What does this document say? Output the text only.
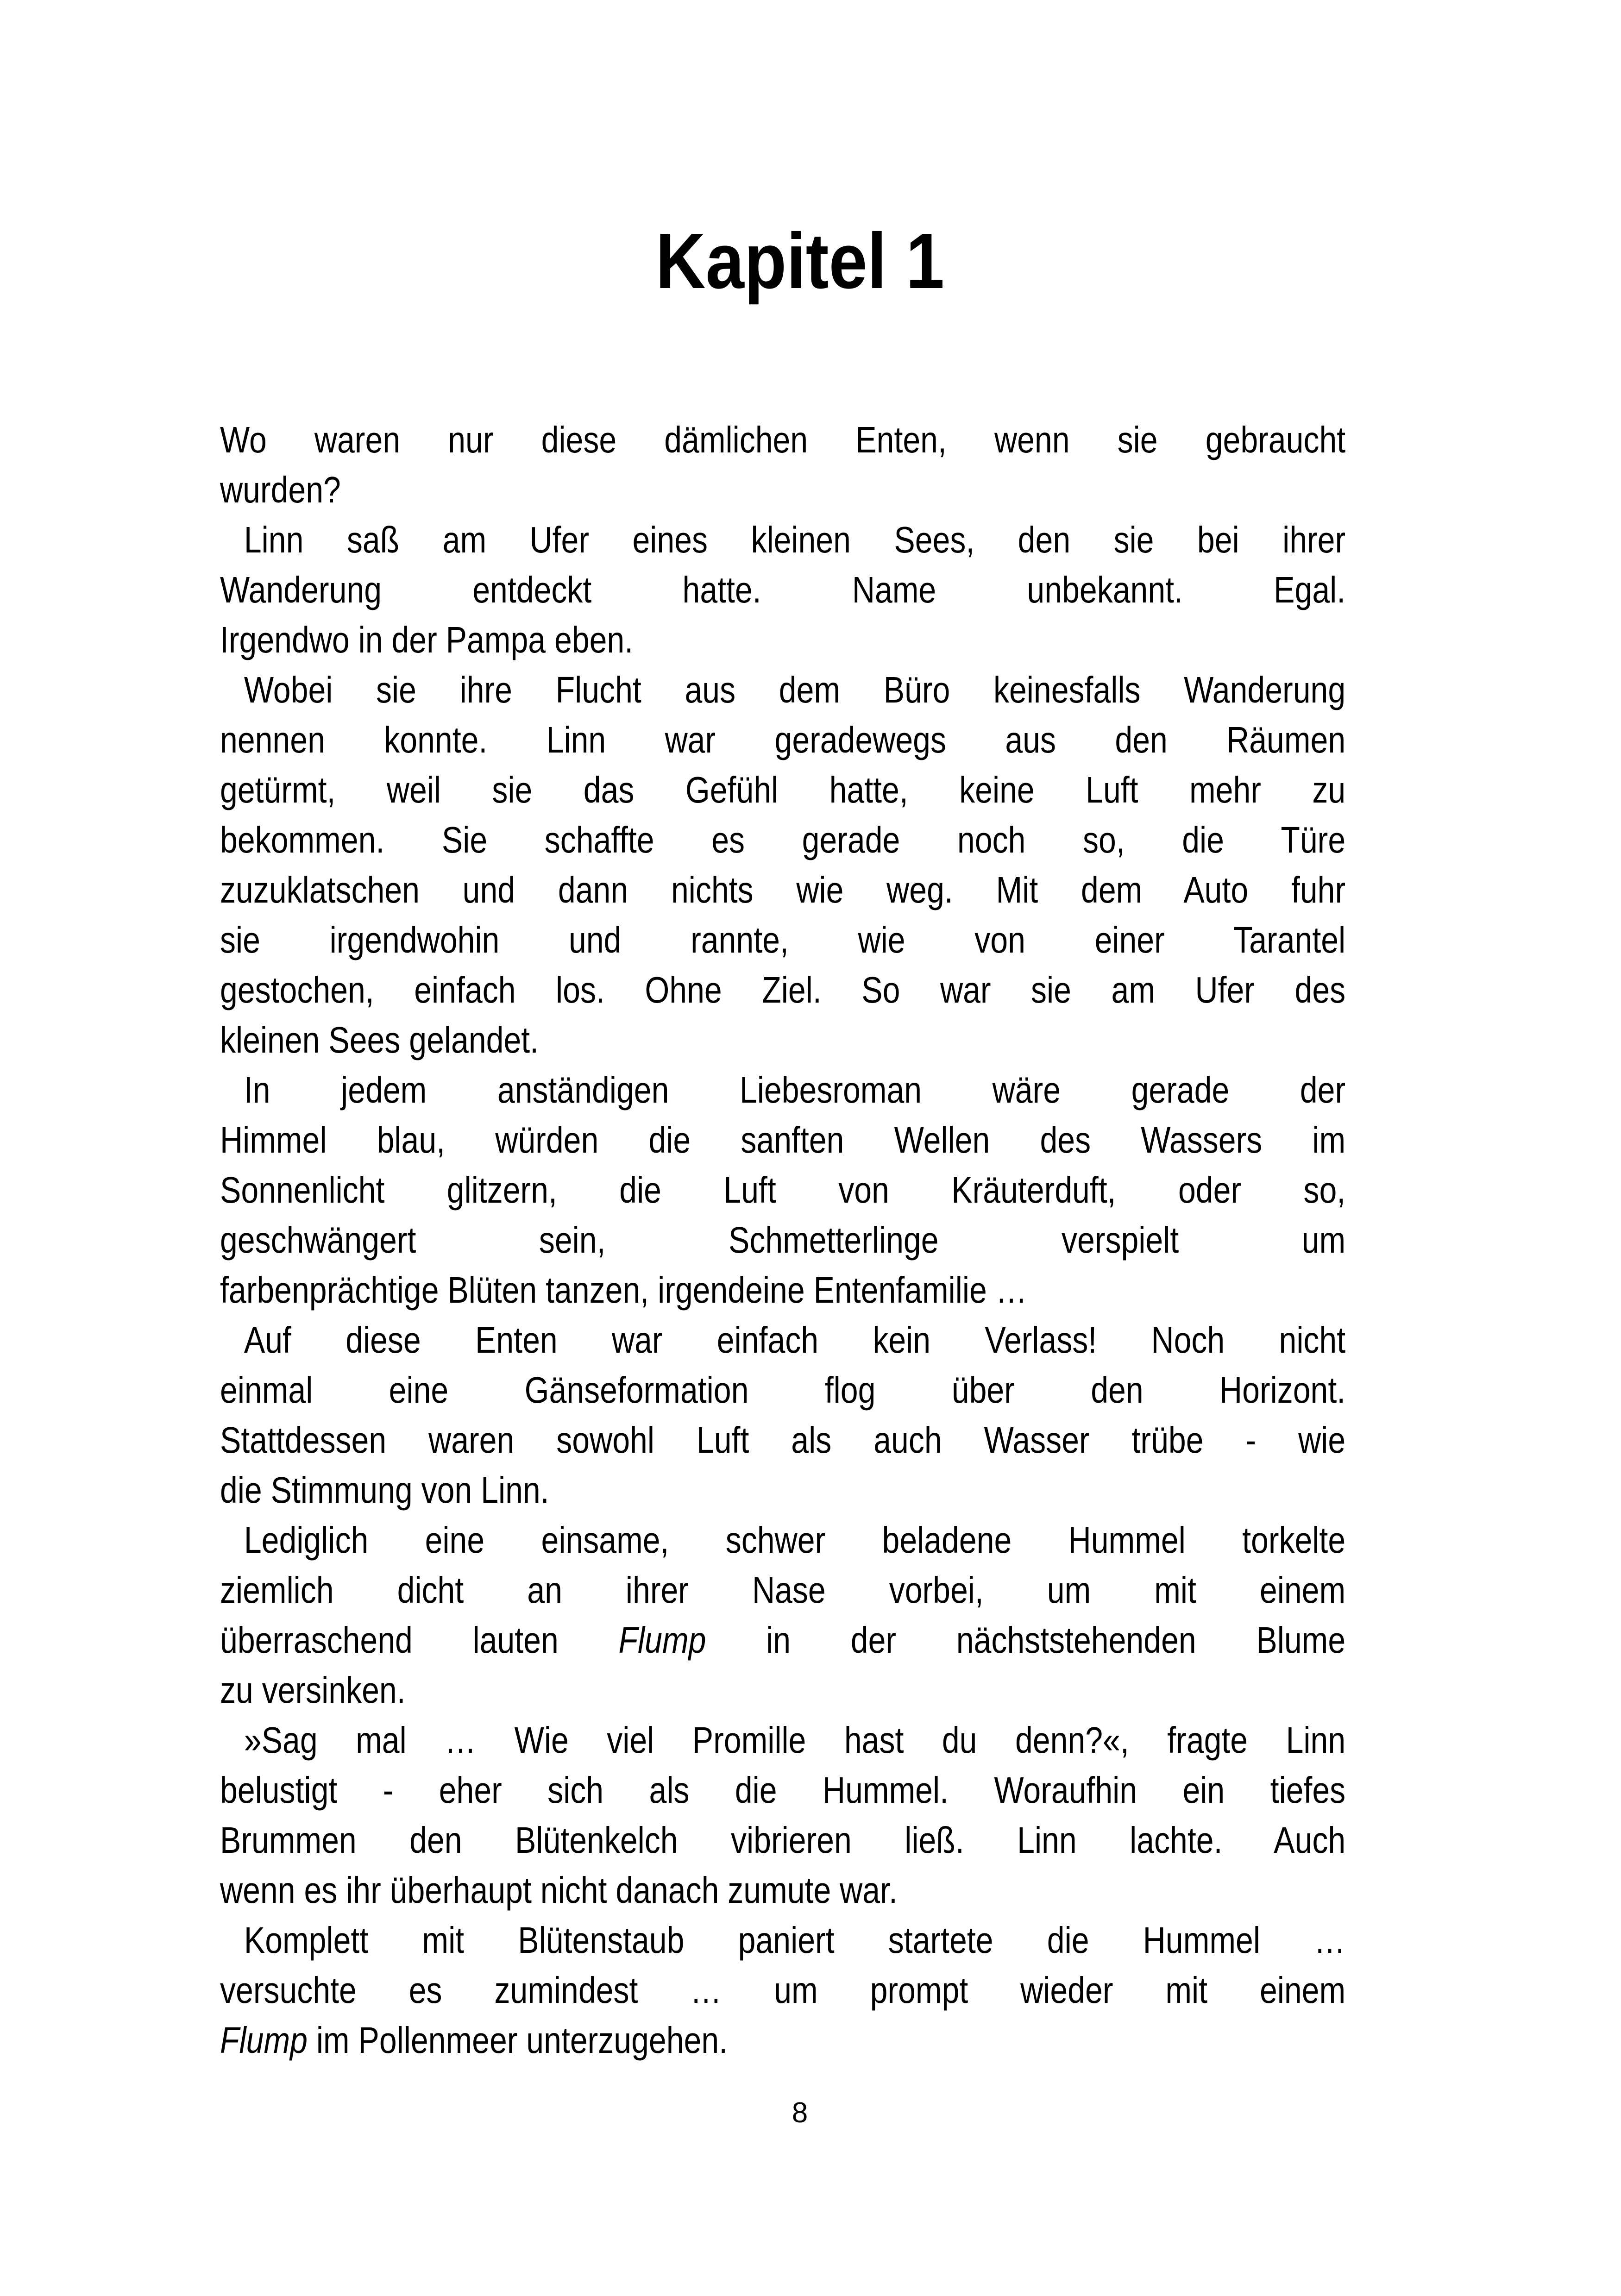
Kapitel 1
Wo waren nur diese dämlichen Enten, wenn sie gebraucht
wurden?
Linn saß am Ufer eines kleinen Sees, den sie bei ihrer
Wanderung entdeckt hatte. Name unbekannt. Egal.
Irgendwo in der Pampa eben.
Wobei sie ihre Flucht aus dem Büro keinesfalls Wanderung
nennen konnte. Linn war geradewegs aus den Räumen
getürmt, weil sie das Gefühl hatte, keine Luft mehr zu
bekommen. Sie schaffte es gerade noch so, die Türe
zuzuklatschen und dann nichts wie weg. Mit dem Auto fuhr
sie irgendwohin und rannte, wie von einer Tarantel
gestochen, einfach los. Ohne Ziel. So war sie am Ufer des
kleinen Sees gelandet.
In jedem anständigen Liebesroman wäre gerade der
Himmel blau, würden die sanften Wellen des Wassers im
Sonnenlicht glitzern, die Luft von Kräuterduft, oder so,
geschwängert sein, Schmetterlinge verspielt um
farbenprächtige Blüten tanzen, irgendeine Entenfamilie …
Auf diese Enten war einfach kein Verlass! Noch nicht
einmal eine Gänseformation flog über den Horizont.
Stattdessen waren sowohl Luft als auch Wasser trübe - wie
die Stimmung von Linn.
Lediglich eine einsame, schwer beladene Hummel torkelte
ziemlich dicht an ihrer Nase vorbei, um mit einem
überraschend lauten Flump in der nächststehenden Blume
zu versinken.
»Sag mal … Wie viel Promille hast du denn?«, fragte Linn
belustigt - eher sich als die Hummel. Woraufhin ein tiefes
Brummen den Blütenkelch vibrieren ließ. Linn lachte. Auch
wenn es ihr überhaupt nicht danach zumute war.
Komplett mit Blütenstaub paniert startete die Hummel …
versuchte es zumindest … um prompt wieder mit einem
Flump im Pollenmeer unterzugehen.
8
